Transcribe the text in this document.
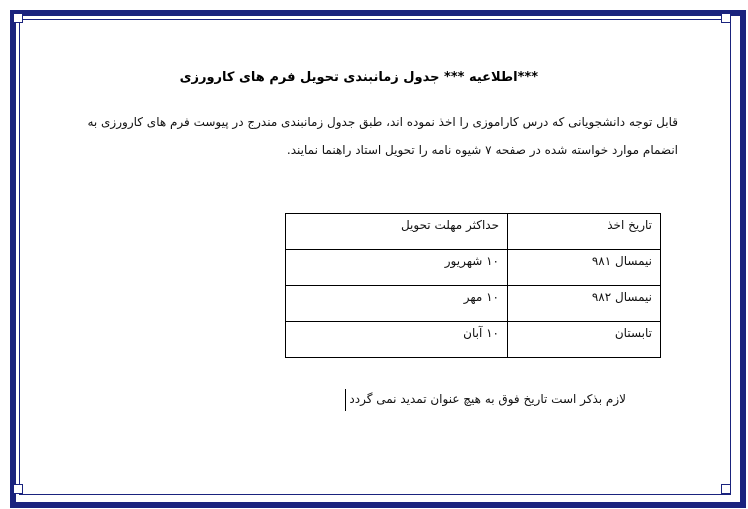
***اطلاعیه *** جدول زمانبندی تحویل فرم های کارورزی
قابل توجه دانشجویانی که درس کاراموزی را اخذ نموده اند، طبق جدول زمانبندی مندرج در پیوست فرم های کارورزی به
انضمام موارد خواسته شده در صفحه ۷ شیوه نامه را تحویل استاد راهنما نمایند.
تاریخ اخذ	حداکثر مهلت تحویل
نیمسال ۹۸۱	۱۰ شهریور
نیمسال ۹۸۲	۱۰ مهر
تابستان	۱۰ آبان
لازم بذکر است تاریخ فوق به هیچ عنوان تمدید نمی گردد
